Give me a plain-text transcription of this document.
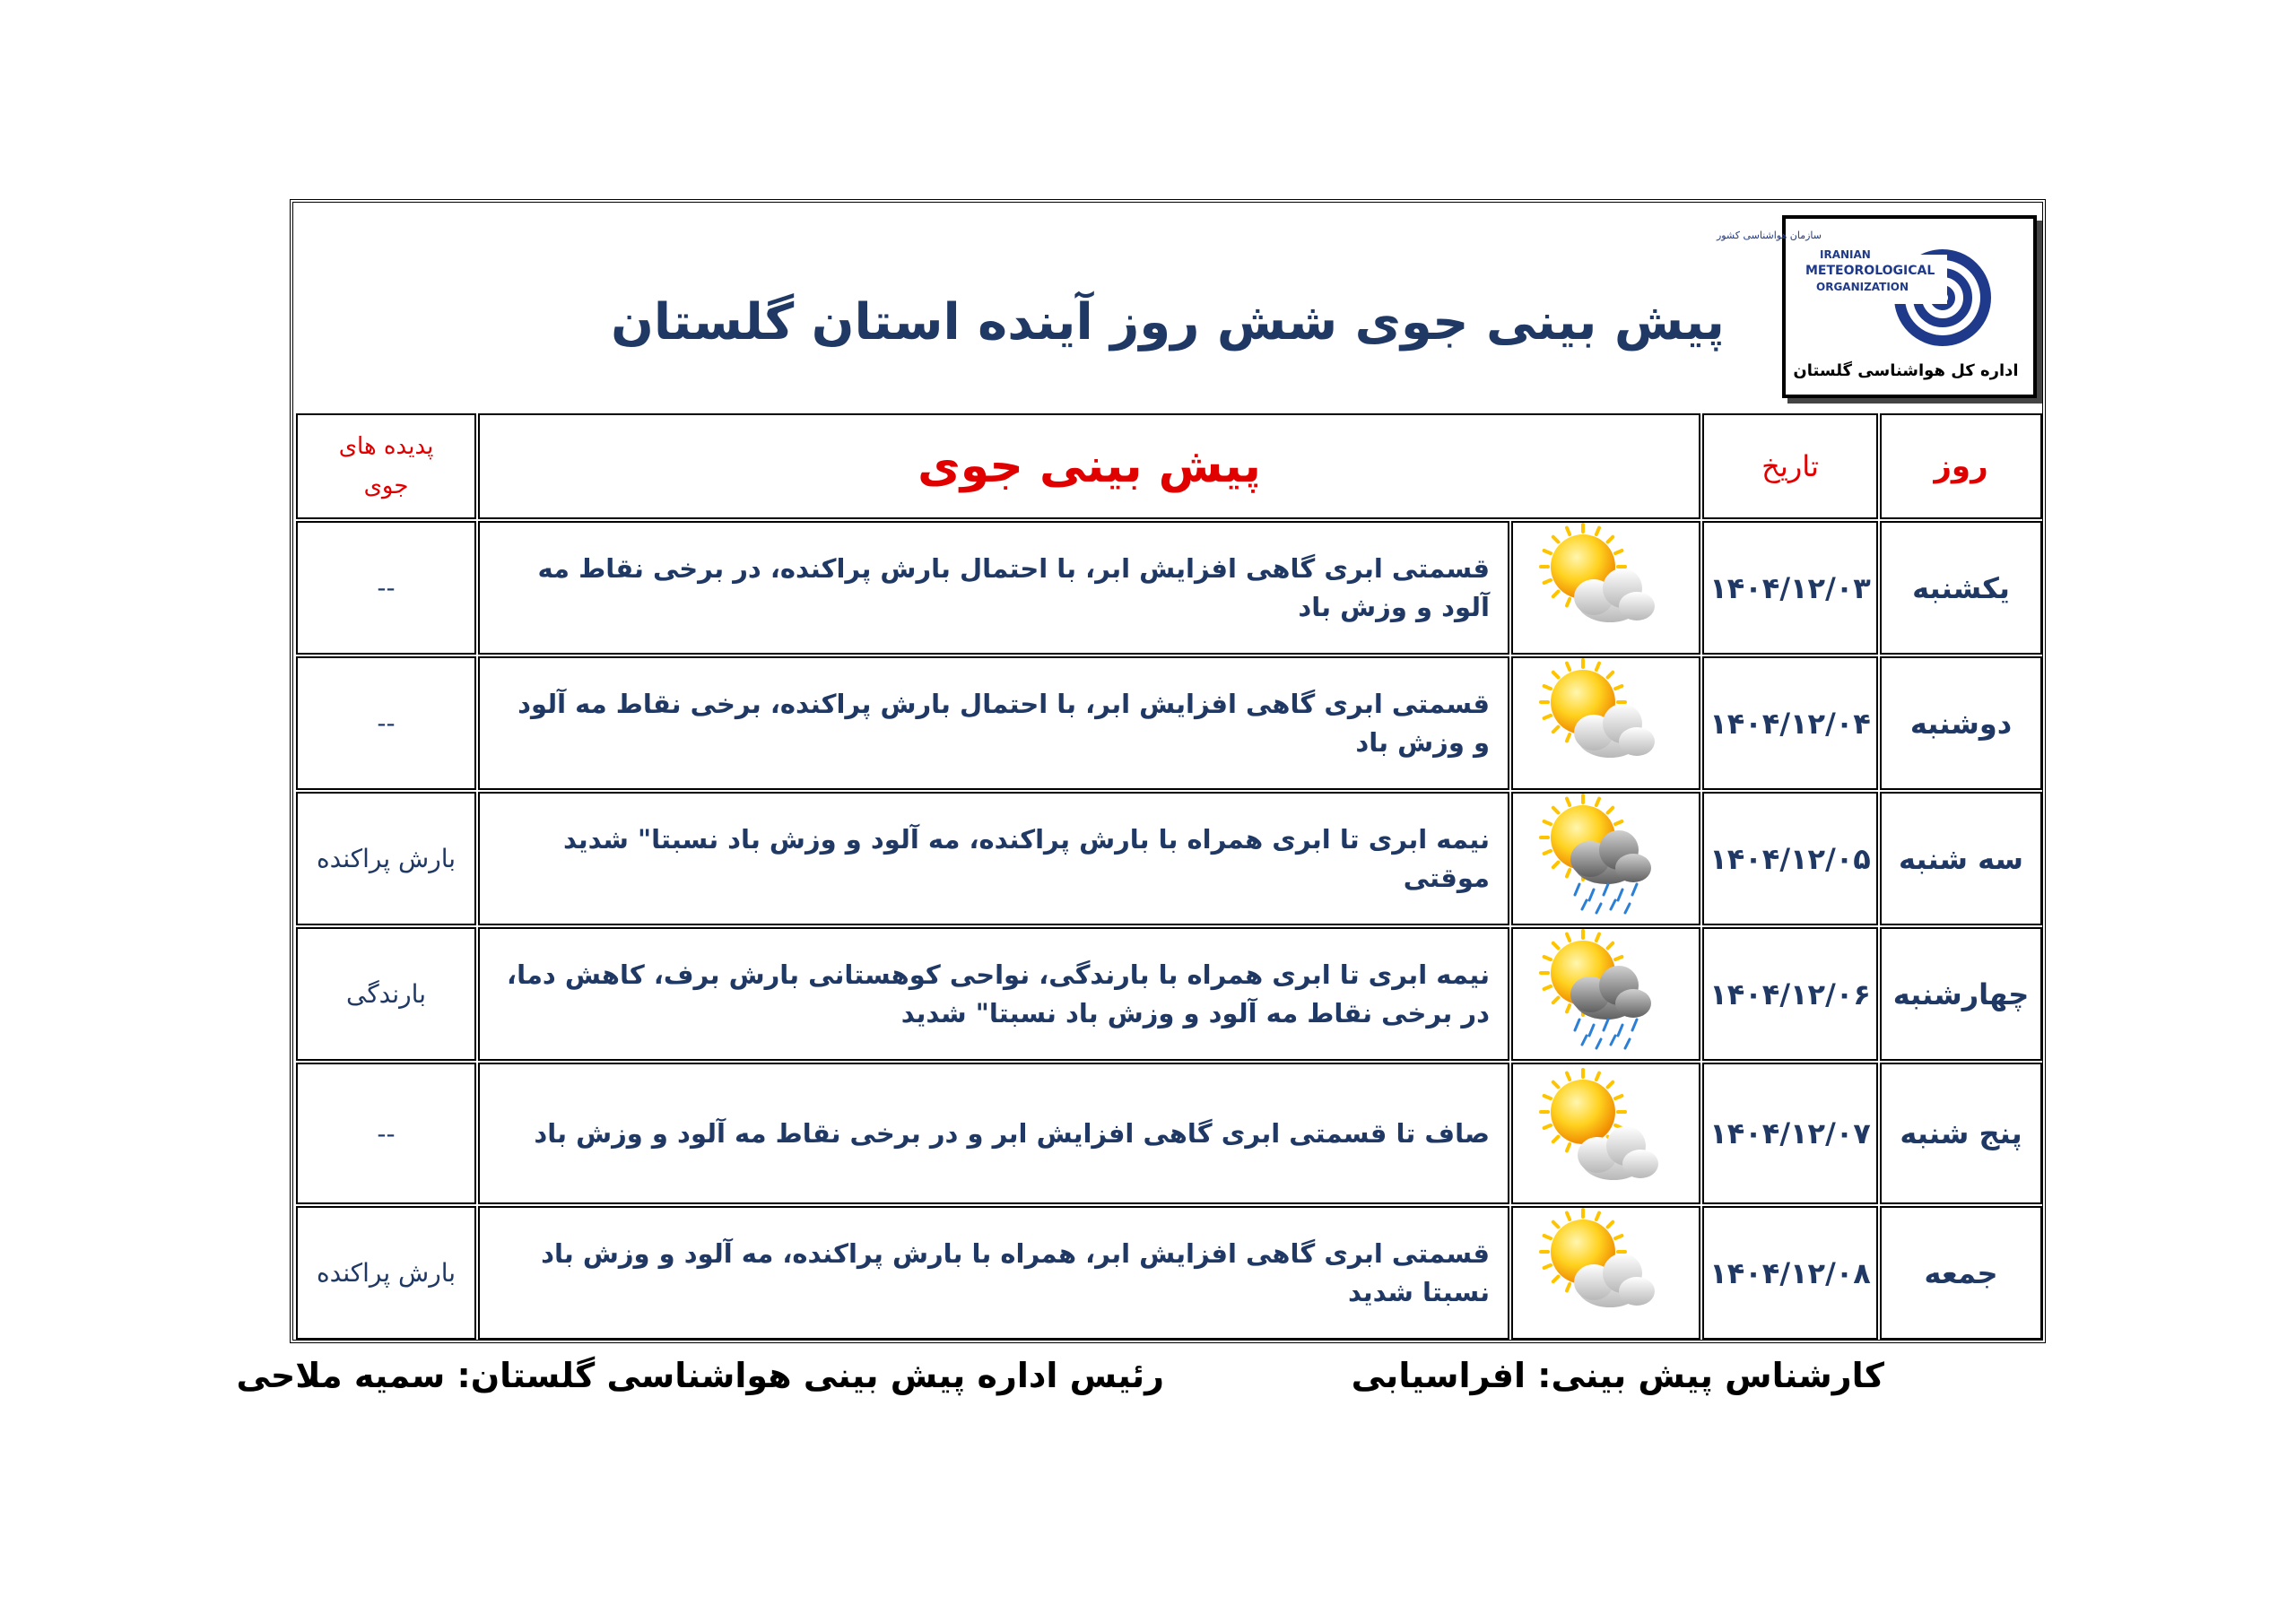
پیش بینی جوی شش روز آینده استان گلستان
سازمان هواشناسی کشور
IRANIAN
METEOROLOGICAL
ORGANIZATION
اداره کل هواشناسی گلستان
روز
تاریخ
پیش بینی جوی
پدیده های
جوی
یکشنبه
۱۴۰۴/۱۲/۰۳
قسمتی ابری گاهی افزایش ابر، با احتمال بارش پراکنده، در برخی نقاط مه آلود و وزش باد
--
دوشنبه
۱۴۰۴/۱۲/۰۴
قسمتی ابری گاهی افزایش ابر، با احتمال بارش پراکنده، برخی نقاط مه آلود و وزش باد
--
سه شنبه
۱۴۰۴/۱۲/۰۵
نیمه ابری تا ابری همراه با بارش پراکنده، مه آلود و وزش باد نسبتا" شدید موقتی
بارش پراکنده
چهارشنبه
۱۴۰۴/۱۲/۰۶
نیمه ابری تا ابری همراه با بارندگی، نواحی کوهستانی بارش برف، کاهش دما، در برخی نقاط مه آلود و وزش باد نسبتا" شدید
بارندگی
پنج شنبه
۱۴۰۴/۱۲/۰۷
صاف تا قسمتی ابری گاهی افزایش ابر و در برخی نقاط مه آلود و وزش باد
--
جمعه
۱۴۰۴/۱۲/۰۸
قسمتی ابری گاهی افزایش ابر، همراه با بارش پراکنده، مه آلود و وزش باد نسبتا شدید
بارش پراکنده
کارشناس پیش بینی: افراسیابی
رئیس اداره پیش بینی هواشناسی گلستان: سمیه ملاحی
